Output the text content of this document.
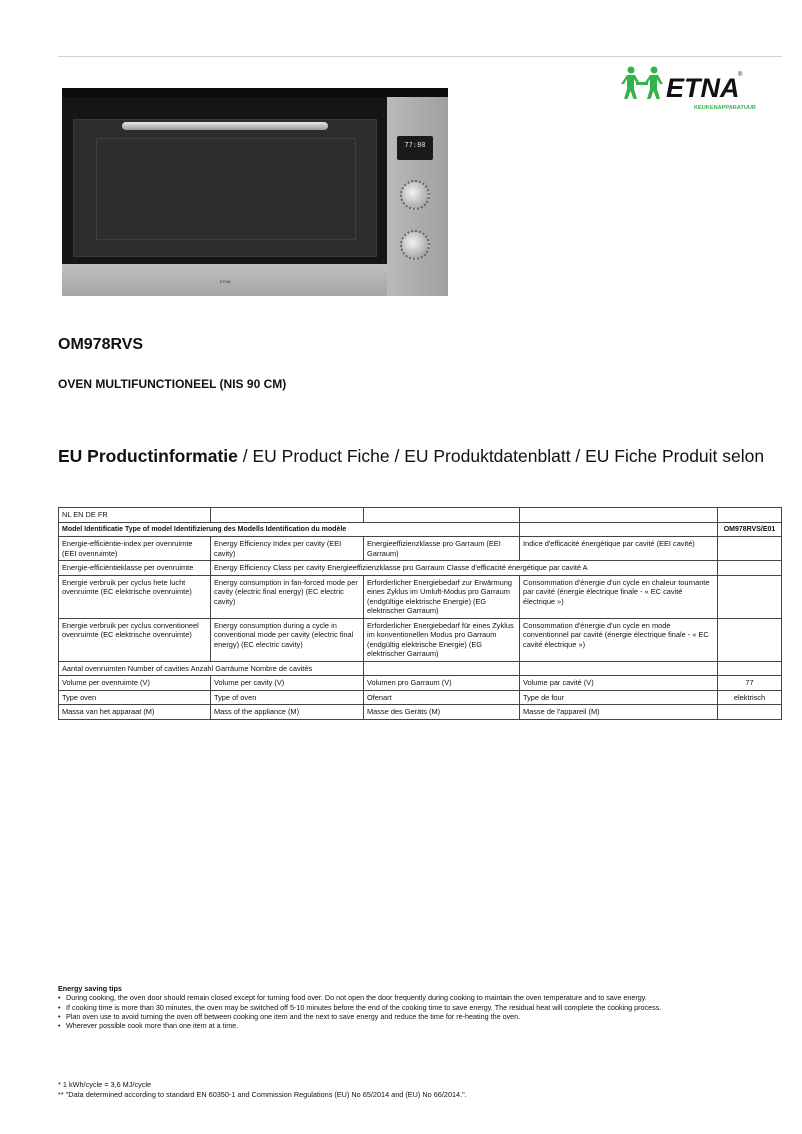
ETNA
77:88
ETNA
®
KEUKENAPPARATUUR
OM978RVS
OVEN MULTIFUNCTIONEEL (NIS 90 CM)
EU Productinformatie / EU Product Fiche / EU Produktdatenblatt / EU Fiche Produit selon
NL EN DE FR				
Model Identificatie Type of model Identifizierung des Modells Identification du modèle				OM978RVS/E01
Energie-efficiëntie-index per ovenruimte (EEI ovenruimte)	Energy Efficiency Index per cavity (EEI cavity)	Energieeffizienzklasse pro Garraum (EEI Garraum)	Indice d'efficacité énergétique par cavité (EEI cavité)	
Energie-efficiëntieklasse per ovenruimte	Energy Efficiency Class per cavity Energieeffizienzklasse pro Garraum Classe d'efficacité énergétique par cavité A			
Energie verbruik per cyclus hete lucht ovenruimte (EC elektrische ovenruimte)	Energy consumption in fan-forced mode per cavity (electric final energy) (EC electric cavity)	Erforderlicher Energiebedarf zur Erwärmung eines Zyklus im Umluft-Modus pro Garraum (endgültige elektrische Energie) (EG elektrischer Garraum)	Consommation d'énergie d'un cycle en chaleur tournante par cavité (énergie électrique finale - « EC cavité électrique »)	
Energie verbruik per cyclus conventioneel ovenruimte (EC elektrische ovenruimte)	Energy consumption during a cycle in conventional mode per cavity (electric final energy) (EC electric cavity)	Erforderlicher Energiebedarf für eines Zyklus im konventionellen Modus pro Garraum (endgültig elektrische Energie) (EG elektrischer Garraum)	Consommation d'énergie d'un cycle en mode conventionnel par cavité (énergie électrique finale - « EC cavité électrique »)	
Aantal ovenruimten Number of cavities Anzahl Garräume Nombre de cavités				
Volume per ovenruimte (V)	Volume per cavity (V)	Volumen pro Garraum (V)	Volume par cavité (V)	77
Type oven	Type of oven	Ofenart	Type de four	elektrisch
Massa van het apparaat (M)	Mass of the appliance (M)	Masse des Geräts (M)	Masse de l'appareil (M)	
Energy saving tips
• During cooking, the oven door should remain closed except for turning food over. Do not open the door frequently during cooking to maintain the oven temperature and to save energy.
• If cooking time is more than 30 minutes, the oven may be switched off 5-10 minutes before the end of the cooking time to save energy. The residual heat will complete the cooking process.
• Plan oven use to avoid turning the oven off between cooking one item and the next to save energy and reduce the time for re-heating the oven.
• Wherever possible cook more than one item at a time.
* 1 kWh/cycle = 3,6 MJ/cycle
** "Data determined according to standard EN 60350-1 and Commission Regulations (EU) No 65/2014 and (EU) No 66/2014.".
